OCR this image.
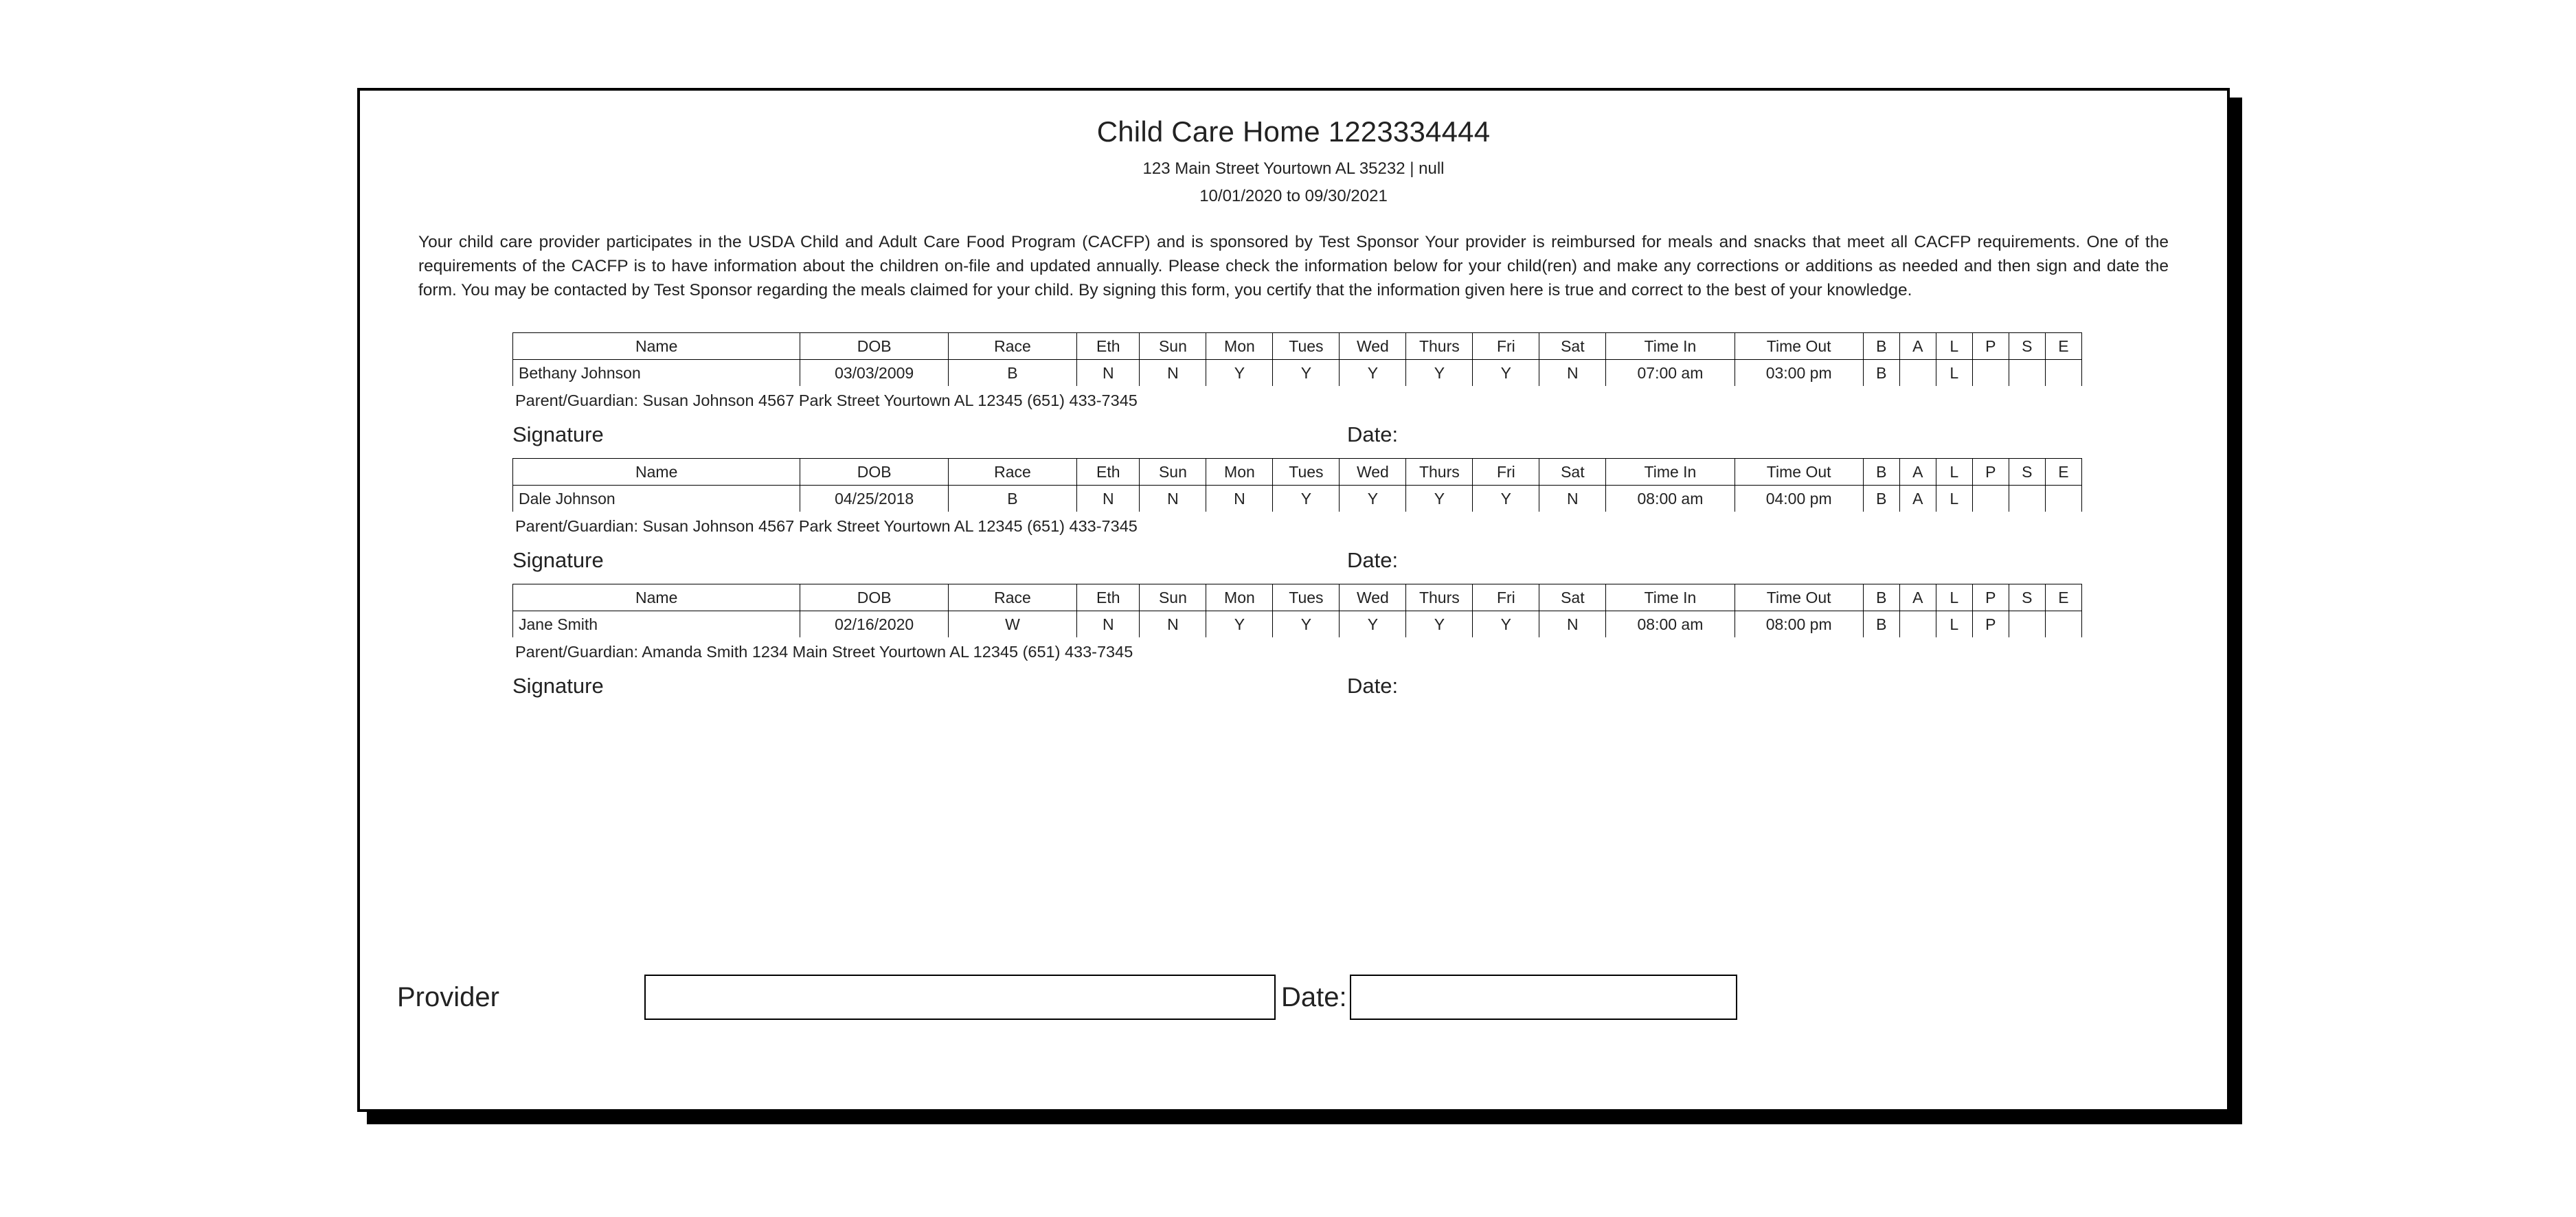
Child Care Home 1223334444
123 Main Street Yourtown AL 35232 | null
10/01/2020 to 09/30/2021
Your child care provider participates in the USDA Child and Adult Care Food Program (CACFP) and is sponsored by Test Sponsor Your provider is reimbursed for meals and snacks that meet all CACFP requirements. One of the requirements of the CACFP is to have information about the children on-file and updated annually. Please check the information below for your child(ren) and make any corrections or additions as needed and then sign and date the form. You may be contacted by Test Sponsor regarding the meals claimed for your child. By signing this form, you certify that the information given here is true and correct to the best of your knowledge.
Name	DOB	Race	Eth	Sun	Mon	Tues	Wed	Thurs	Fri	Sat	Time In	Time Out	B	A	L	P	S	E
Bethany Johnson	03/03/2009	B	N	N	Y	Y	Y	Y	Y	N	07:00 am	03:00 pm	B		L			
Parent/Guardian: Susan Johnson 4567 Park Street Yourtown AL 12345 (651) 433-7345
Signature	Date:
Name	DOB	Race	Eth	Sun	Mon	Tues	Wed	Thurs	Fri	Sat	Time In	Time Out	B	A	L	P	S	E
Dale Johnson	04/25/2018	B	N	N	N	Y	Y	Y	Y	N	08:00 am	04:00 pm	B	A	L			
Parent/Guardian: Susan Johnson 4567 Park Street Yourtown AL 12345 (651) 433-7345
Signature	Date:
Name	DOB	Race	Eth	Sun	Mon	Tues	Wed	Thurs	Fri	Sat	Time In	Time Out	B	A	L	P	S	E
Jane Smith	02/16/2020	W	N	N	Y	Y	Y	Y	Y	N	08:00 am	08:00 pm	B		L	P		
Parent/Guardian: Amanda Smith 1234 Main Street Yourtown AL 12345 (651) 433-7345
Signature	Date:
Provider	Date:
